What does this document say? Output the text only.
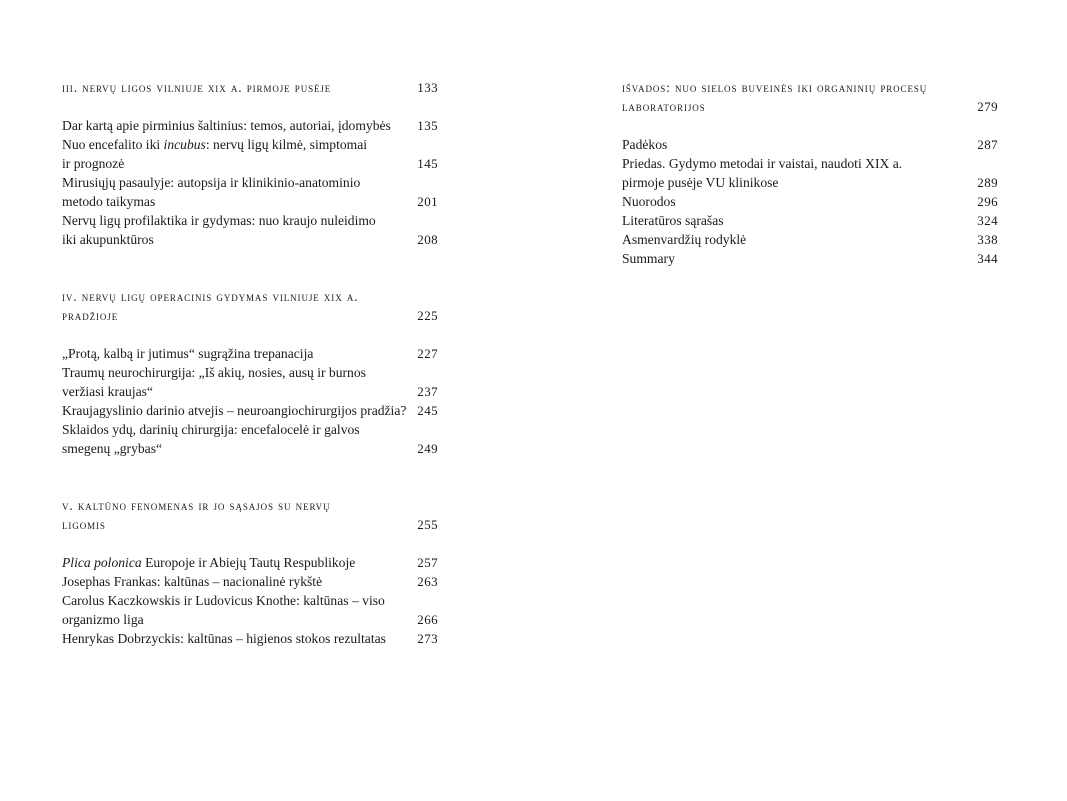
iii. nervų ligos vilniuje xix a. pirmoje pusėje	133
Dar kartą apie pirminius šaltinius: temos, autoriai, įdomybės	135
Nuo encefalito iki incubus: nervų ligų kilmė, simptomai
ir prognozė	145
Mirusiųjų pasaulyje: autopsija ir klinikinio-anatominio
metodo taikymas	201
Nervų ligų profilaktika ir gydymas: nuo kraujo nuleidimo
iki akupunktūros	208
iv. nervų ligų operacinis gydymas vilniuje xix a.
pradžioje	225
„Protą, kalbą ir jutimus“ sugrąžina trepanacija	227
Traumų neurochirurgija: „Iš akių, nosies, ausų ir burnos
veržiasi kraujas“	237
Kraujagyslinio darinio atvejis – neuroangiochirurgijos pradžia? 245
Sklaidos ydų, darinių chirurgija: encefalocelė ir galvos
smegenų „grybas“	249
v. kaltūno fenomenas ir jo sąsajos su nervų
ligomis	255
Plica polonica Europoje ir Abiejų Tautų Respublikoje	257
Josephas Frankas: kaltūnas – nacionalinė rykštė	263
Carolus Kaczkowskis ir Ludovicus Knothe: kaltūnas – viso
organizmo liga	266
Henrykas Dobrzyckis: kaltūnas – higienos stokos rezultatas	273
išvados: nuo sielos buveinės iki organinių procesų
laboratorijos	279
Padėkos	287
Priedas. Gydymo metodai ir vaistai, naudoti XIX a.
pirmoje pusėje VU klinikose	289
Nuorodos	296
Literatūros sąrašas	324
Asmenvardžių rodyklė	338
Summary	344
